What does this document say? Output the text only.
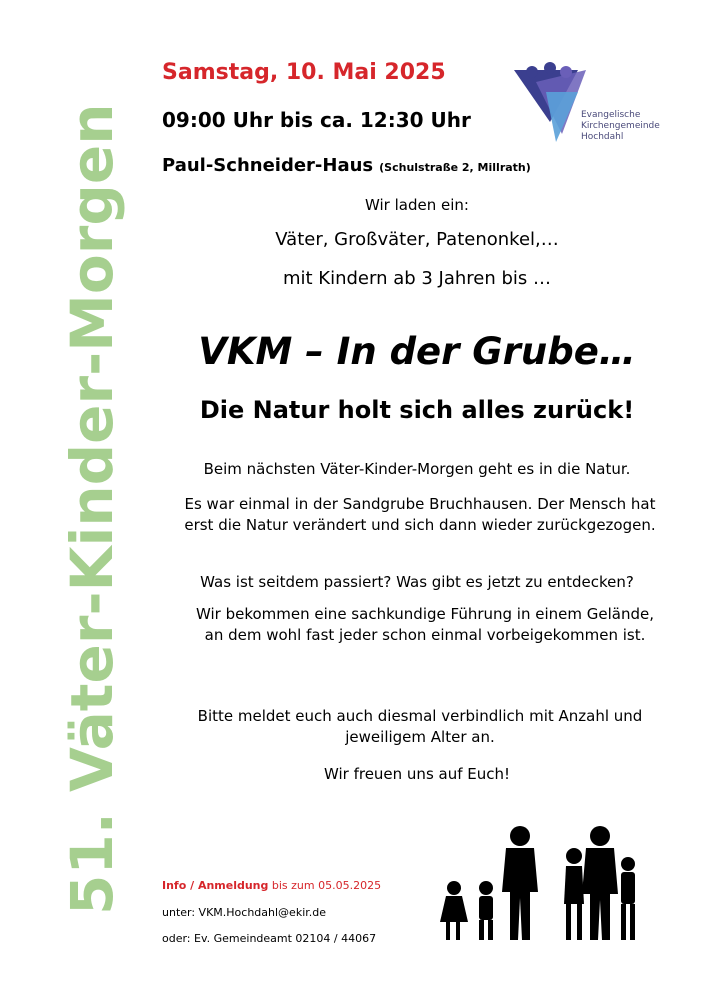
51. Väter-Kinder-Morgen
Samstag, 10. Mai 2025
09:00 Uhr bis ca. 12:30 Uhr
Paul-Schneider-Haus (Schulstraße 2, Millrath)
Evangelische
Kirchengemeinde
Hochdahl
Wir laden ein:
Väter, Großväter, Patenonkel,…
mit Kindern ab 3 Jahren bis …
VKM – In der Grube…
Die Natur holt sich alles zurück!
Beim nächsten Väter-Kinder-Morgen geht es in die Natur.
Es war einmal in der Sandgrube Bruchhausen. Der Mensch hat erst die Natur verändert und sich dann wieder zurückgezogen.
Was ist seitdem passiert? Was gibt es jetzt zu entdecken?
Wir bekommen eine sachkundige Führung in einem Gelände, an dem wohl fast jeder schon einmal vorbeigekommen ist.
Bitte meldet euch auch diesmal verbindlich mit Anzahl und jeweiligem Alter an.
Wir freuen uns auf Euch!
Info / Anmeldung bis zum 05.05.2025
unter: VKM.Hochdahl@ekir.de
oder: Ev. Gemeindeamt 02104 / 44067
